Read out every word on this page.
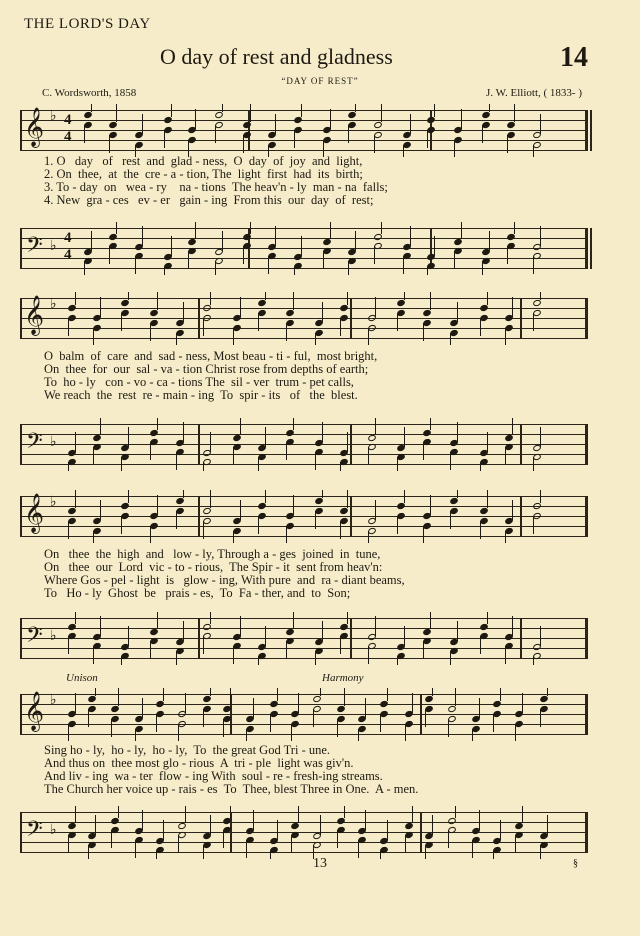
THE LORD'S DAY
O day of rest and gladness	14
“DAY OF REST”
C. Wordsworth, 1858	J. W. Elliott, ( 1833- )
𝄞 ♭ 4
4
1. O   day   of   rest  and  glad - ness,  O  day  of  joy  and  light,
2. On  thee,  at  the  cre - a - tion, The  light  first  had  its  birth;
3. To - day  on   wea - ry    na - tions  The heav'n - ly  man - na  falls;
4. New  gra - ces   ev - er   gain - ing  From this  our  day  of  rest;
𝄢 ♭ 4
4
𝄞 ♭
O  balm  of  care  and  sad - ness, Most beau - ti - ful,  most bright,
On  thee  for  our  sal - va - tion Christ rose from depths of earth;
To  ho - ly   con - vo - ca - tions The  sil - ver  trum - pet calls,
We reach  the  rest  re - main - ing  To  spir - its   of   the  blest.
𝄢 ♭
𝄞 ♭
On   thee  the  high  and   low - ly, Through a - ges  joined  in  tune,
On   thee  our  Lord  vic - to - rious,  The Spir - it  sent from heav'n:
Where Gos - pel - light  is   glow - ing, With pure  and  ra - diant beams,
To   Ho - ly  Ghost  be   prais - es,  To  Fa - ther, and  to  Son;
𝄢 ♭
Unison	Harmony
𝄞 ♭
Sing ho - ly,  ho - ly,  ho - ly,  To  the great God Tri - une.
And thus on  thee most glo - rious  A  tri - ple  light was giv'n.
And liv - ing  wa - ter  flow - ing With  soul - re - fresh-ing streams.
The Church her voice up - rais - es  To  Thee, blest Three in One.  A - men.
𝄢 ♭
13	§
